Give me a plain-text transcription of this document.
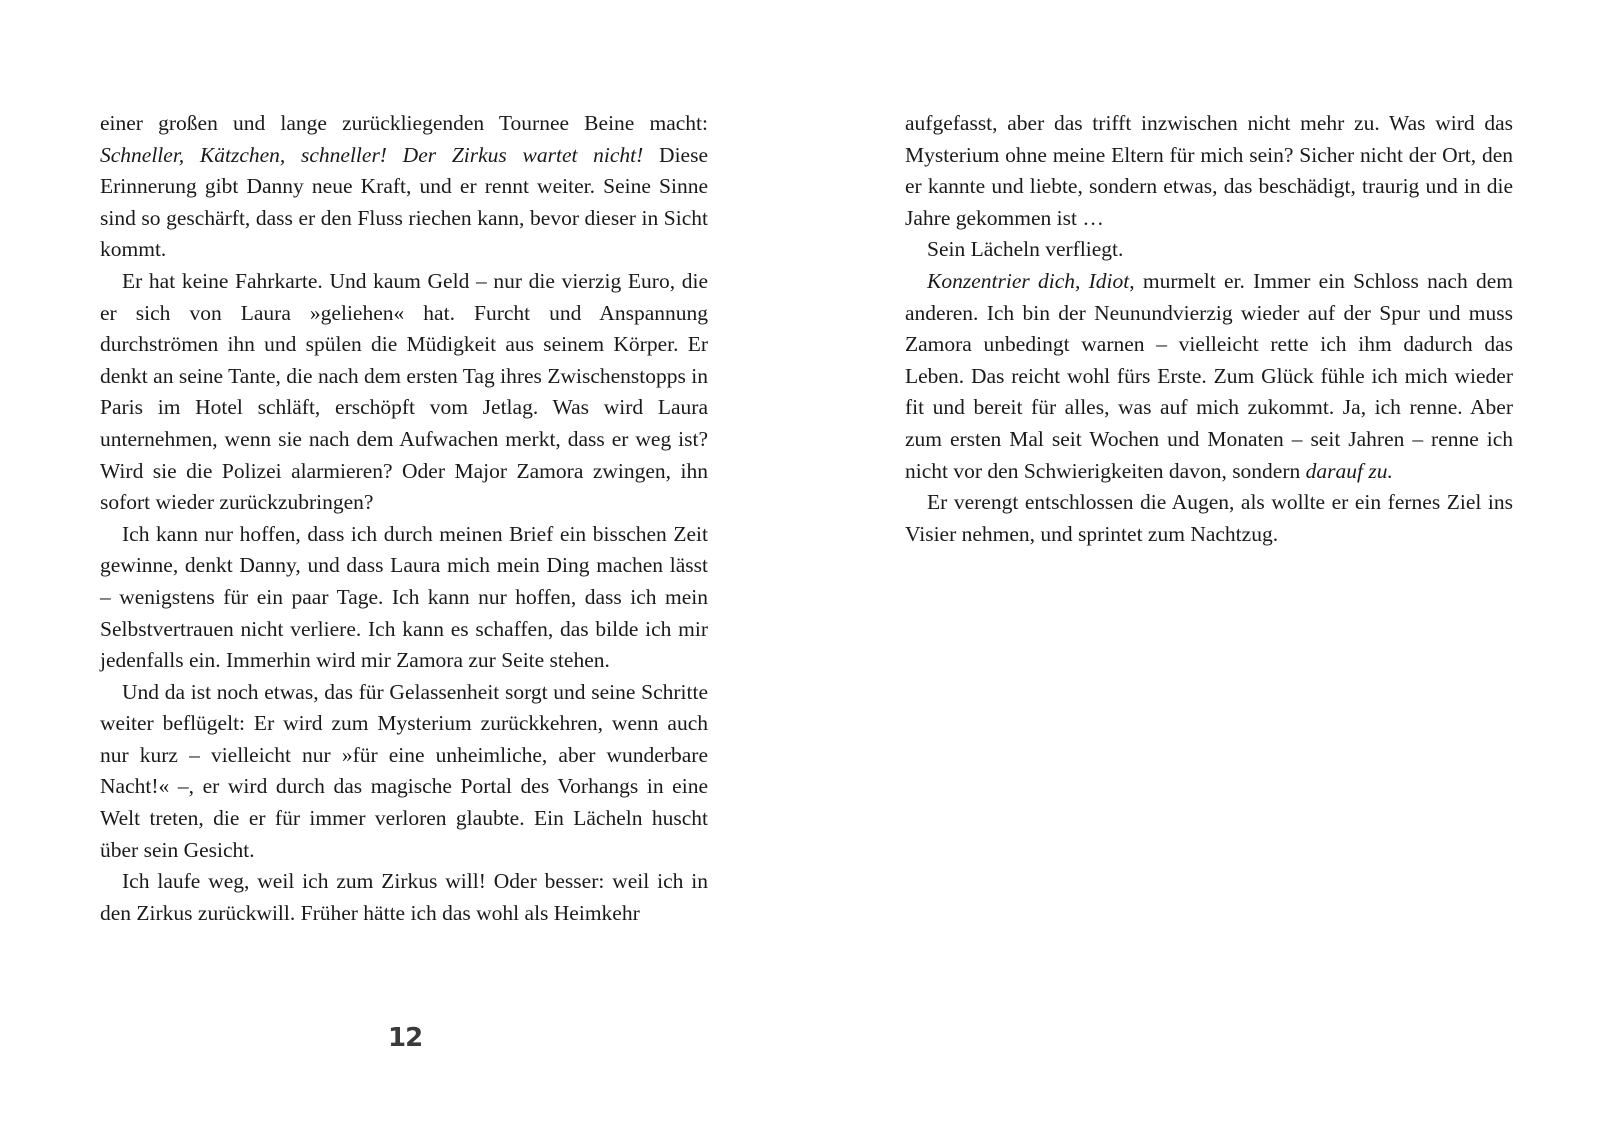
einer großen und lange zurückliegenden Tournee Beine macht: Schneller, Kätzchen, schneller! Der Zirkus wartet nicht! Diese Erinnerung gibt Danny neue Kraft, und er rennt weiter. Seine Sinne sind so geschärft, dass er den Fluss riechen kann, bevor dieser in Sicht kommt.

Er hat keine Fahrkarte. Und kaum Geld – nur die vierzig Euro, die er sich von Laura »geliehen« hat. Furcht und Anspannung durchströmen ihn und spülen die Müdigkeit aus seinem Körper. Er denkt an seine Tante, die nach dem ersten Tag ihres Zwischenstopps in Paris im Hotel schläft, erschöpft vom Jetlag. Was wird Laura unternehmen, wenn sie nach dem Aufwachen merkt, dass er weg ist? Wird sie die Polizei alarmieren? Oder Major Zamora zwingen, ihn sofort wieder zurückzubringen?

Ich kann nur hoffen, dass ich durch meinen Brief ein bisschen Zeit gewinne, denkt Danny, und dass Laura mich mein Ding machen lässt – wenigstens für ein paar Tage. Ich kann nur hoffen, dass ich mein Selbstvertrauen nicht verliere. Ich kann es schaffen, das bilde ich mir jedenfalls ein. Immerhin wird mir Zamora zur Seite stehen.

Und da ist noch etwas, das für Gelassenheit sorgt und seine Schritte weiter beflügelt: Er wird zum Mysterium zurückkehren, wenn auch nur kurz – vielleicht nur »für eine unheimliche, aber wunderbare Nacht!« –, er wird durch das magische Portal des Vorhangs in eine Welt treten, die er für immer verloren glaubte. Ein Lächeln huscht über sein Gesicht.

Ich laufe weg, weil ich zum Zirkus will! Oder besser: weil ich in den Zirkus zurückwill. Früher hätte ich das wohl als Heimkehr

aufgefasst, aber das trifft inzwischen nicht mehr zu. Was wird das Mysterium ohne meine Eltern für mich sein? Sicher nicht der Ort, den er kannte und liebte, sondern etwas, das beschädigt, traurig und in die Jahre gekommen ist …

Sein Lächeln verfliegt.

Konzentrier dich, Idiot, murmelt er. Immer ein Schloss nach dem anderen. Ich bin der Neunundvierzig wieder auf der Spur und muss Zamora unbedingt warnen – vielleicht rette ich ihm dadurch das Leben. Das reicht wohl fürs Erste. Zum Glück fühle ich mich wieder fit und bereit für alles, was auf mich zukommt. Ja, ich renne. Aber zum ersten Mal seit Wochen und Monaten – seit Jahren – renne ich nicht vor den Schwierigkeiten davon, sondern darauf zu.

Er verengt entschlossen die Augen, als wollte er ein fernes Ziel ins Visier nehmen, und sprintet zum Nachtzug.

12
